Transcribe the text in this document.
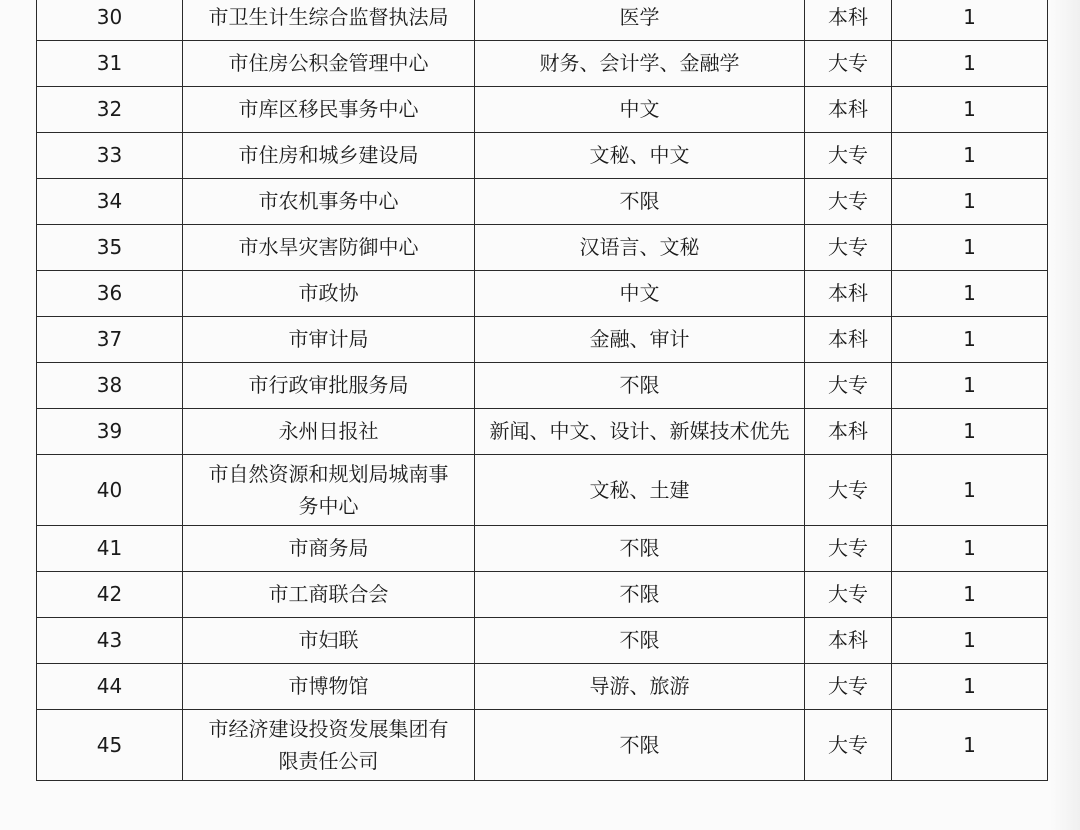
30	市卫生计生综合监督执法局	医学	本科	1
31	市住房公积金管理中心	财务、会计学、金融学	大专	1
32	市库区移民事务中心	中文	本科	1
33	市住房和城乡建设局	文秘、中文	大专	1
34	市农机事务中心	不限	大专	1
35	市水旱灾害防御中心	汉语言、文秘	大专	1
36	市政协	中文	本科	1
37	市审计局	金融、审计	本科	1
38	市行政审批服务局	不限	大专	1
39	永州日报社	新闻、中文、设计、新媒技术优先	本科	1
40	市自然资源和规划局城南事务中心	文秘、土建	大专	1
41	市商务局	不限	大专	1
42	市工商联合会	不限	大专	1
43	市妇联	不限	本科	1
44	市博物馆	导游、旅游	大专	1
45	市经济建设投资发展集团有限责任公司	不限	大专	1
